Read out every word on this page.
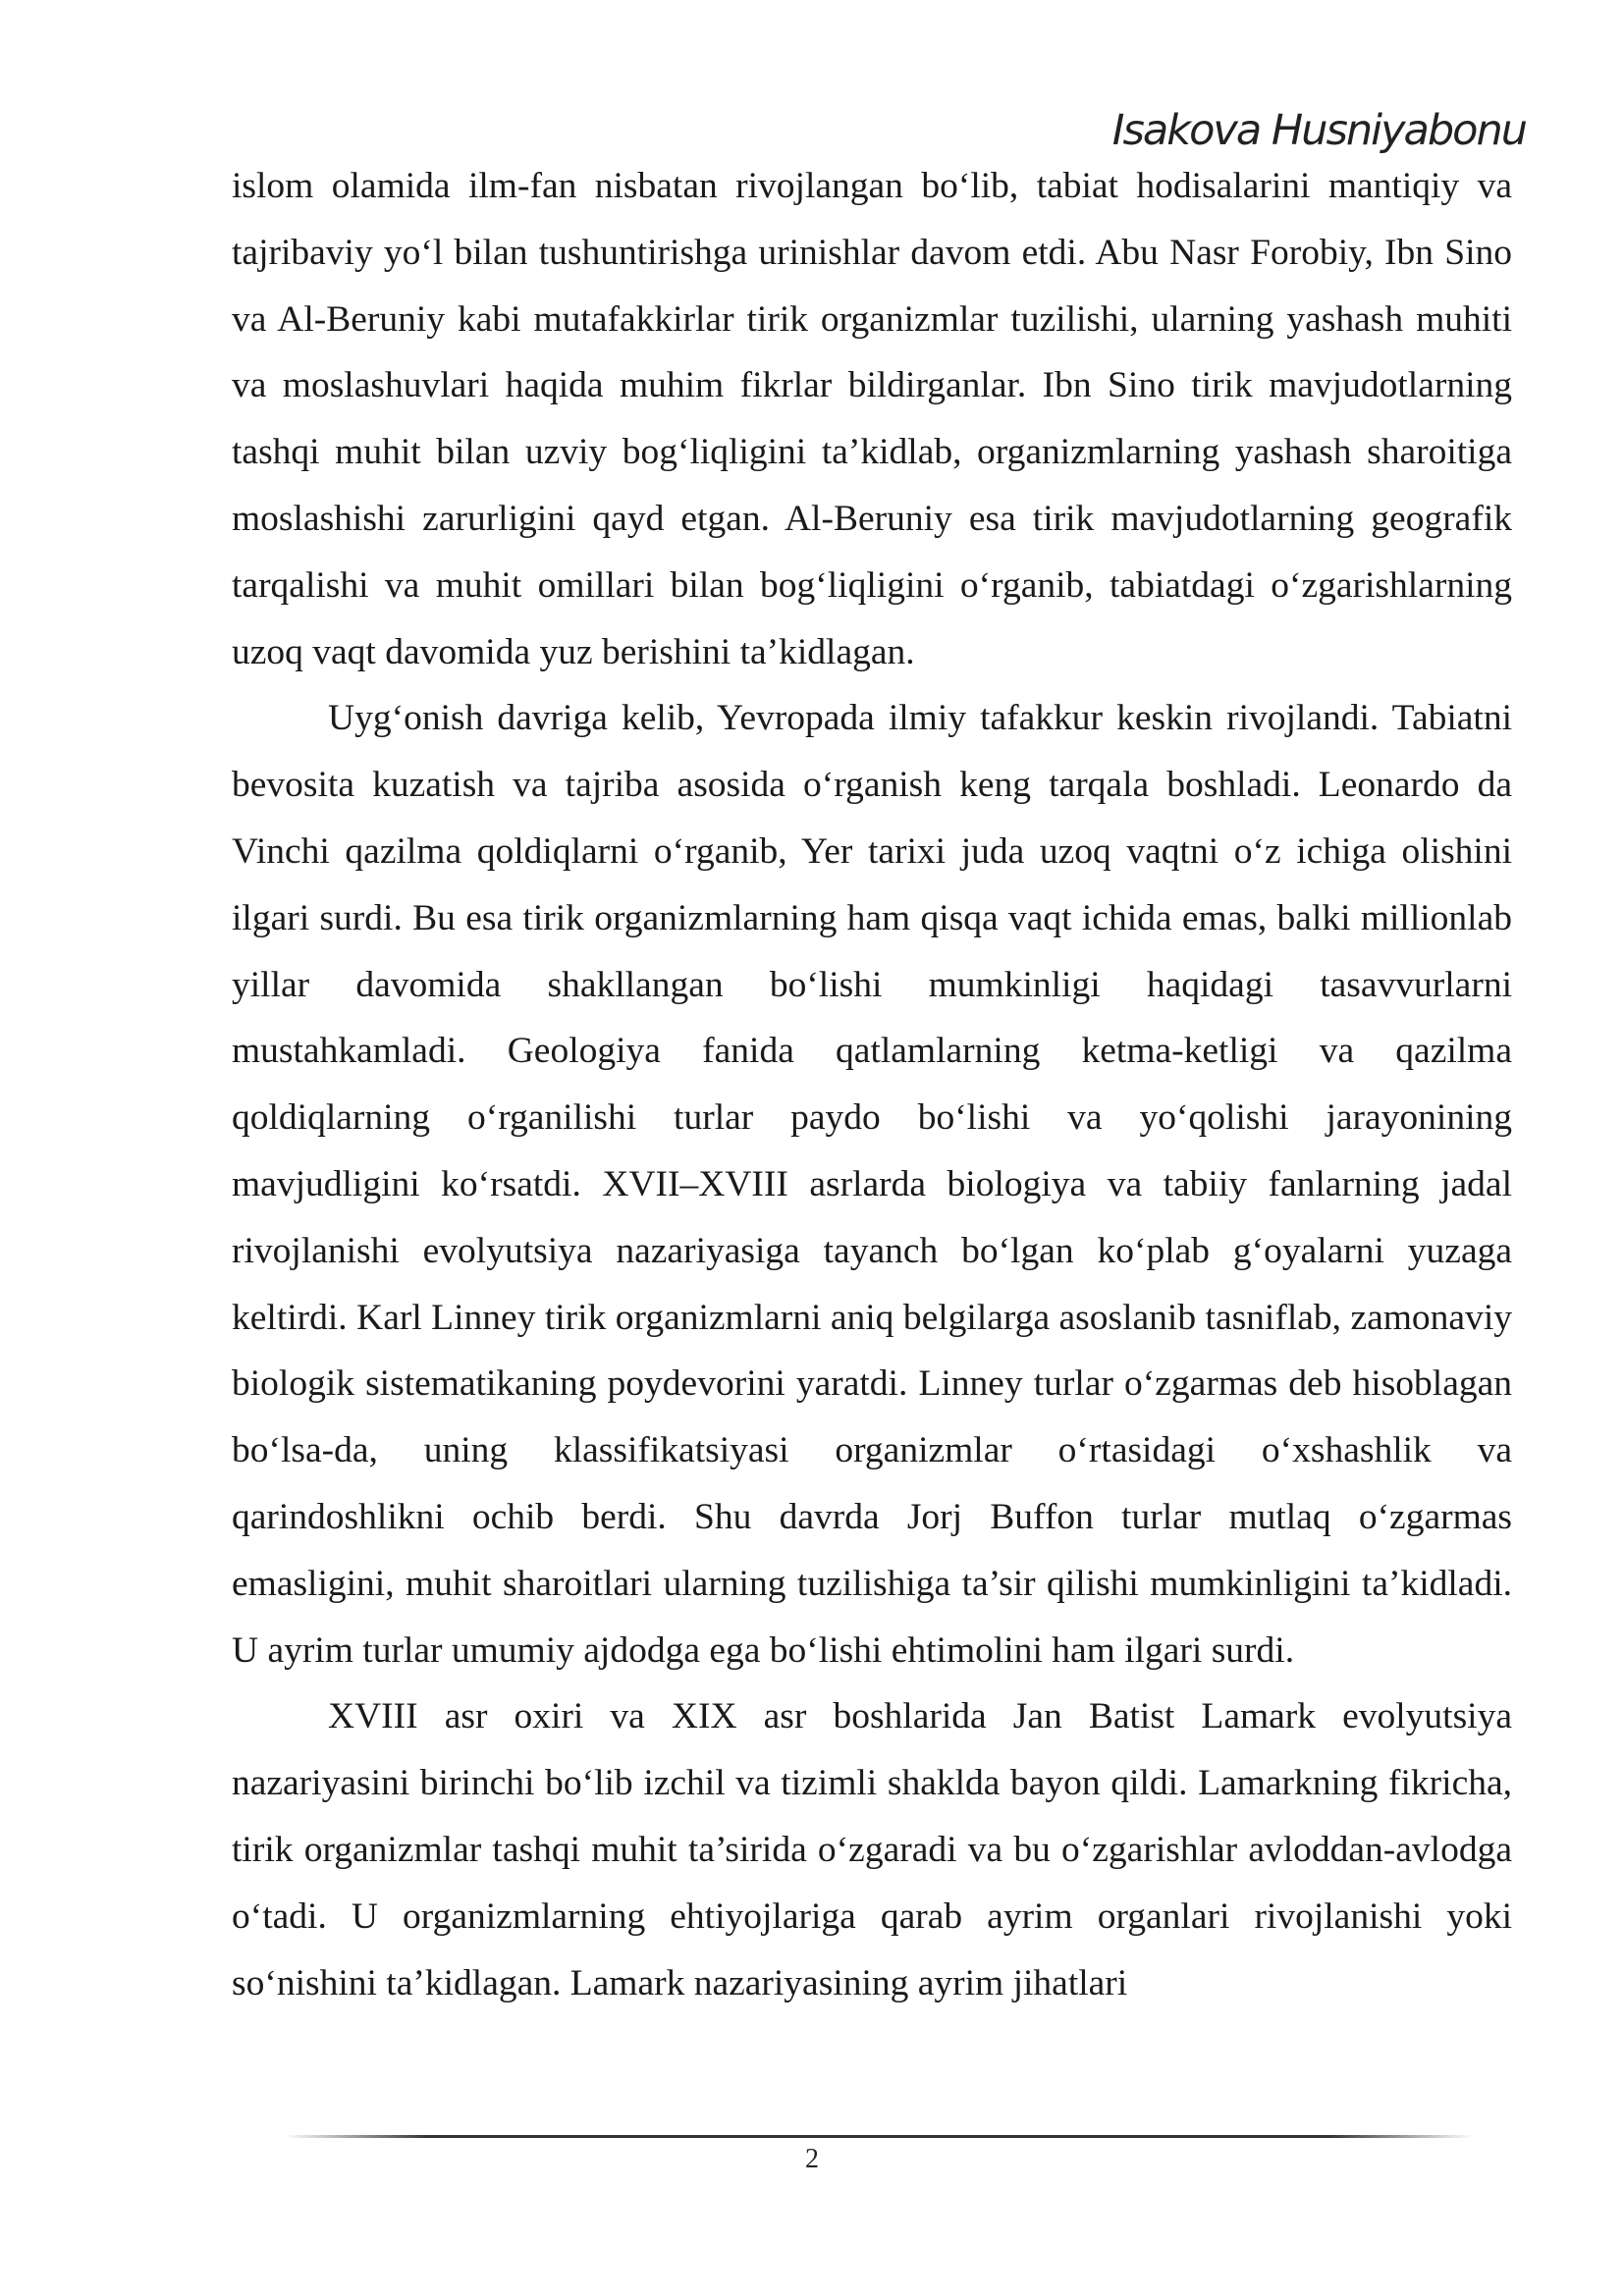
Isakova Husniyabonu

islom olamida ilm-fan nisbatan rivojlangan bo‘lib, tabiat hodisalarini mantiqiy va tajribaviy yo‘l bilan tushuntirishga urinishlar davom etdi. Abu Nasr Forobiy, Ibn Sino va Al-Beruniy kabi mutafakkirlar tirik organizmlar tuzilishi, ularning yashash muhiti va moslashuvlari haqida muhim fikrlar bildirganlar. Ibn Sino tirik mavjudotlarning tashqi muhit bilan uzviy bog‘liqligini ta’kidlab, organizmlarning yashash sharoitiga moslashishi zarurligini qayd etgan. Al-Beruniy esa tirik mavjudotlarning geografik tarqalishi va muhit omillari bilan bog‘liqligini o‘rganib, tabiatdagi o‘zgarishlarning uzoq vaqt davomida yuz berishini ta’kidlagan.

Uyg‘onish davriga kelib, Yevropada ilmiy tafakkur keskin rivojlandi. Tabiatni bevosita kuzatish va tajriba asosida o‘rganish keng tarqala boshladi. Leonardo da Vinchi qazilma qoldiqlarni o‘rganib, Yer tarixi juda uzoq vaqtni o‘z ichiga olishini ilgari surdi. Bu esa tirik organizmlarning ham qisqa vaqt ichida emas, balki millionlab yillar davomida shakllangan bo‘lishi mumkinligi haqidagi tasavvurlarni mustahkamladi. Geologiya fanida qatlamlarning ketma-ketligi va qazilma qoldiqlarning o‘rganilishi turlar paydo bo‘lishi va yo‘qolishi jarayonining mavjudligini ko‘rsatdi. XVII–XVIII asrlarda biologiya va tabiiy fanlarning jadal rivojlanishi evolyutsiya nazariyasiga tayanch bo‘lgan ko‘plab g‘oyalarni yuzaga keltirdi. Karl Linney tirik organizmlarni aniq belgilarga asoslanib tasniflab, zamonaviy biologik sistematikaning poydevorini yaratdi. Linney turlar o‘zgarmas deb hisoblagan bo‘lsa-da, uning klassifikatsiyasi organizmlar o‘rtasidagi o‘xshashlik va qarindoshlikni ochib berdi. Shu davrda Jorj Buffon turlar mutlaq o‘zgarmas emasligini, muhit sharoitlari ularning tuzilishiga ta’sir qilishi mumkinligini ta’kidladi. U ayrim turlar umumiy ajdodga ega bo‘lishi ehtimolini ham ilgari surdi.

XVIII asr oxiri va XIX asr boshlarida Jan Batist Lamark evolyutsiya nazariyasini birinchi bo‘lib izchil va tizimli shaklda bayon qildi. Lamarkning fikricha, tirik organizmlar tashqi muhit ta’sirida o‘zgaradi va bu o‘zgarishlar avloddan-avlodga o‘tadi. U organizmlarning ehtiyojlariga qarab ayrim organlari rivojlanishi yoki so‘nishini ta’kidlagan. Lamark nazariyasining ayrim jihatlari

2
